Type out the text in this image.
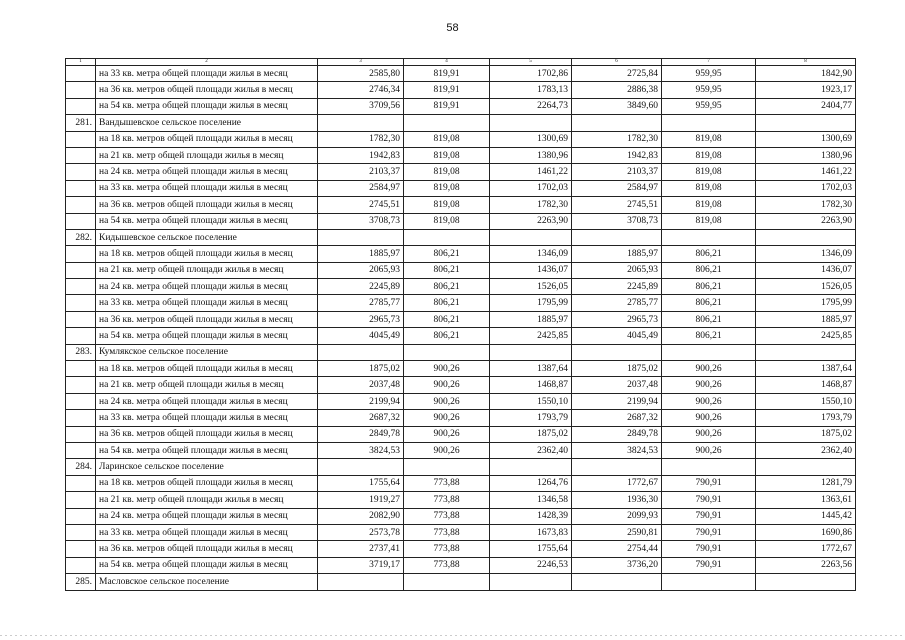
58
1	2	3	4	5	6	7	8
	на 33 кв. метра общей площади жилья в месяц	2585,80	819,91	1702,86	2725,84	959,95	1842,90
	на 36 кв. метров общей площади жилья в месяц	2746,34	819,91	1783,13	2886,38	959,95	1923,17
	на 54 кв. метра общей площади жилья в месяц	3709,56	819,91	2264,73	3849,60	959,95	2404,77
281.	Вандышевское сельское поселение						
	на 18 кв. метров общей площади жилья в месяц	1782,30	819,08	1300,69	1782,30	819,08	1300,69
	на 21 кв. метр общей площади жилья в месяц	1942,83	819,08	1380,96	1942,83	819,08	1380,96
	на 24 кв. метра общей площади жилья в месяц	2103,37	819,08	1461,22	2103,37	819,08	1461,22
	на 33 кв. метра общей площади жилья в месяц	2584,97	819,08	1702,03	2584,97	819,08	1702,03
	на 36 кв. метров общей площади жилья в месяц	2745,51	819,08	1782,30	2745,51	819,08	1782,30
	на 54 кв. метра общей площади жилья в месяц	3708,73	819,08	2263,90	3708,73	819,08	2263,90
282.	Кидышевское сельское поселение						
	на 18 кв. метров общей площади жилья в месяц	1885,97	806,21	1346,09	1885,97	806,21	1346,09
	на 21 кв. метр общей площади жилья в месяц	2065,93	806,21	1436,07	2065,93	806,21	1436,07
	на 24 кв. метра общей площади жилья в месяц	2245,89	806,21	1526,05	2245,89	806,21	1526,05
	на 33 кв. метра общей площади жилья в месяц	2785,77	806,21	1795,99	2785,77	806,21	1795,99
	на 36 кв. метров общей площади жилья в месяц	2965,73	806,21	1885,97	2965,73	806,21	1885,97
	на 54 кв. метра общей площади жилья в месяц	4045,49	806,21	2425,85	4045,49	806,21	2425,85
283.	Кумлякское сельское поселение						
	на 18 кв. метров общей площади жилья в месяц	1875,02	900,26	1387,64	1875,02	900,26	1387,64
	на 21 кв. метр общей площади жилья в месяц	2037,48	900,26	1468,87	2037,48	900,26	1468,87
	на 24 кв. метра общей площади жилья в месяц	2199,94	900,26	1550,10	2199,94	900,26	1550,10
	на 33 кв. метра общей площади жилья в месяц	2687,32	900,26	1793,79	2687,32	900,26	1793,79
	на 36 кв. метров общей площади жилья в месяц	2849,78	900,26	1875,02	2849,78	900,26	1875,02
	на 54 кв. метра общей площади жилья в месяц	3824,53	900,26	2362,40	3824,53	900,26	2362,40
284.	Ларинское сельское поселение						
	на 18 кв. метров общей площади жилья в месяц	1755,64	773,88	1264,76	1772,67	790,91	1281,79
	на 21 кв. метр общей площади жилья в месяц	1919,27	773,88	1346,58	1936,30	790,91	1363,61
	на 24 кв. метра общей площади жилья в месяц	2082,90	773,88	1428,39	2099,93	790,91	1445,42
	на 33 кв. метра общей площади жилья в месяц	2573,78	773,88	1673,83	2590,81	790,91	1690,86
	на 36 кв. метров общей площади жилья в месяц	2737,41	773,88	1755,64	2754,44	790,91	1772,67
	на 54 кв. метра общей площади жилья в месяц	3719,17	773,88	2246,53	3736,20	790,91	2263,56
285.	Масловское сельское поселение						
